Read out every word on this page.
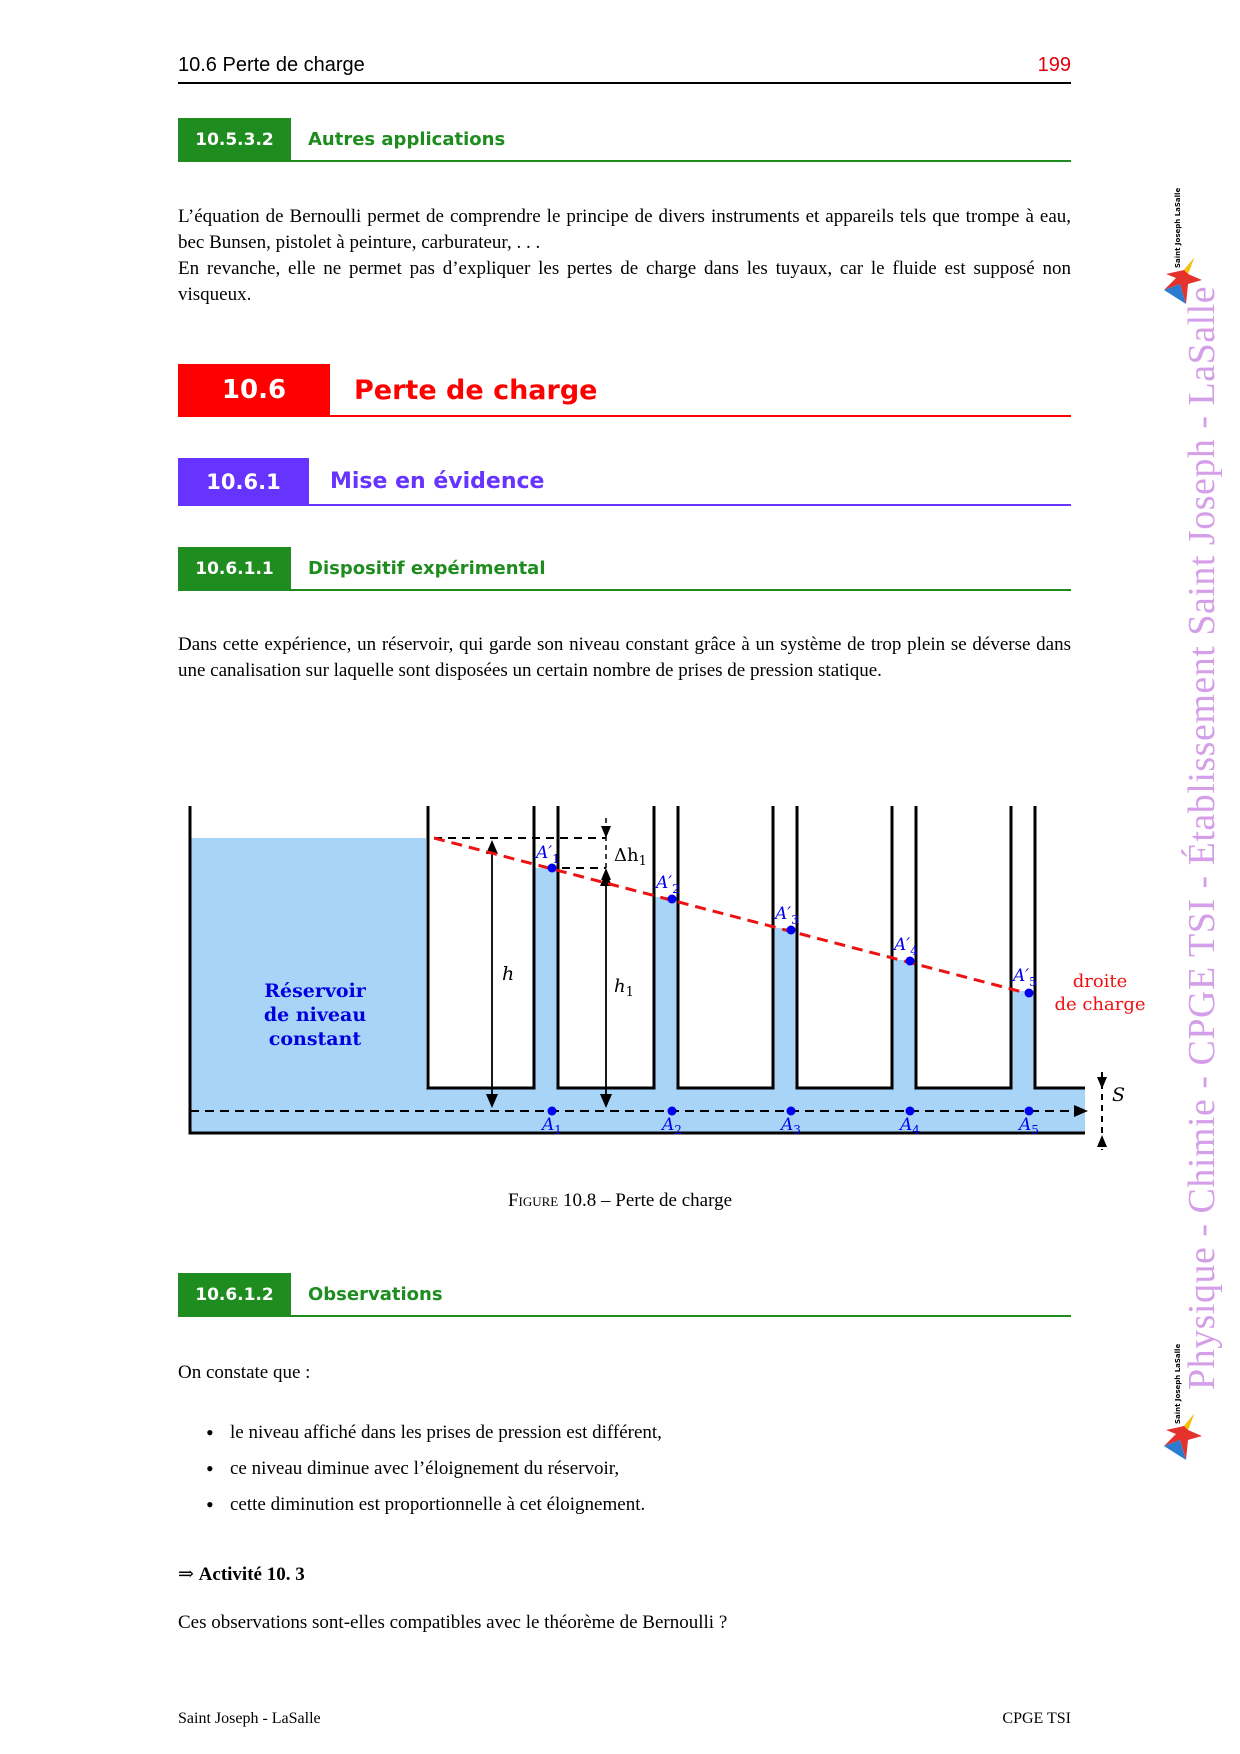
10.6 Perte de charge	199
10.5.3.2	Autres applications

L’équation de Bernoulli permet de comprendre le principe de divers instruments et appareils tels que trompe à eau, bec Bunsen, pistolet à peinture, carburateur, . . .

En revanche, elle ne permet pas d’expliquer les pertes de charge dans les tuyaux, car le fluide est supposé non visqueux.

10.6	Perte de charge
10.6.1	Mise en évidence
10.6.1.1	Dispositif expérimental

Dans cette expérience, un réservoir, qui garde son niveau constant grâce à un système de trop plein se déverse dans une canalisation sur laquelle sont disposées un certain nombre de prises de pression statique.

S
$\Delta h_1$
h
$h_1$
$A'_1$
$A'_2$
$A'_3$
$A'_4$
$A'_5$
$A_1$	$A_2$	$A_3$	$A_4$	$A_5$
Réservoir
de niveau
constant
droite
de charge
Figure 10.8 – Perte de charge
10.6.1.2	Observations

On constate que :

• le niveau affiché dans les prises de pression est différent,
• ce niveau diminue avec l’éloignement du réservoir,
• cette diminution est proportionnelle à cet éloignement.

⇒ Activité 10. 3

Ces observations sont-elles compatibles avec le théorème de Bernoulli ?

Saint Joseph LaSalle
Saint Joseph LaSalle Physique - Chimie - CPGE TSI - Établissement Saint Joseph - LaSalle
Saint Joseph - LaSalle	CPGE TSI
